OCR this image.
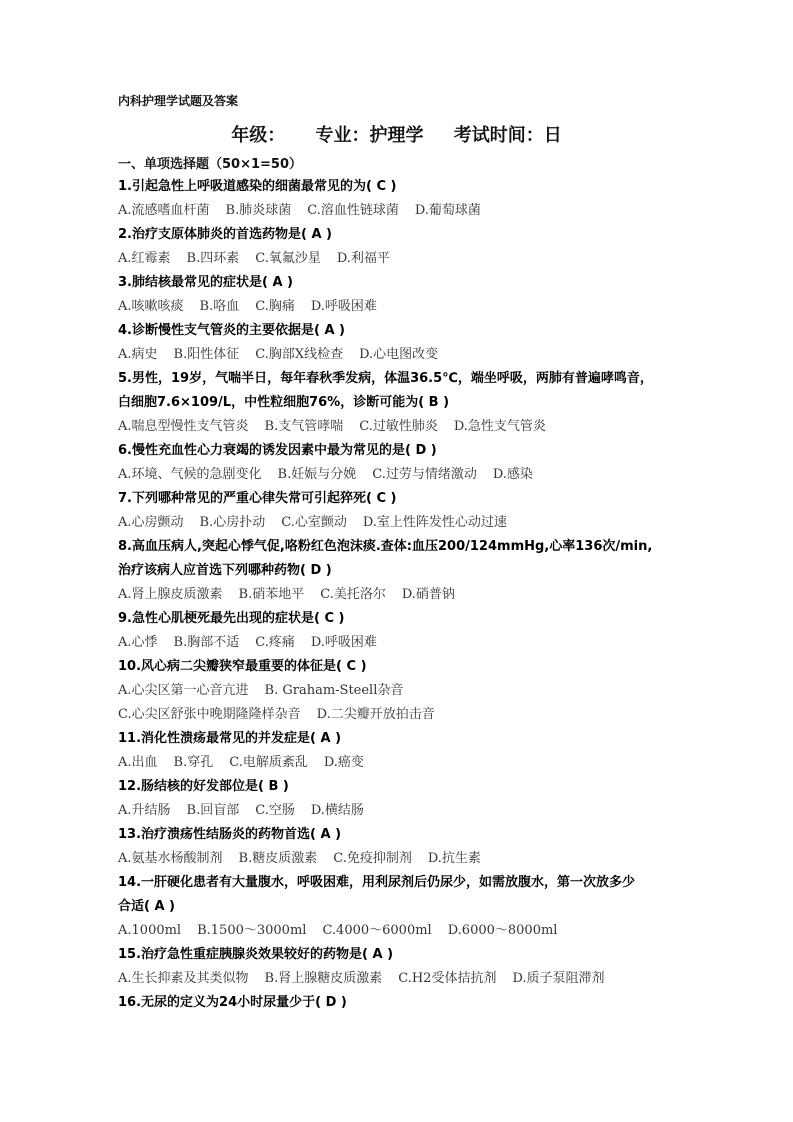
内科护理学试题及答案
年级： 专业：护理学 考试时间：日
一、单项选择题（50×1=50）
1.引起急性上呼吸道感染的细菌最常见的为( C )
A.流感嗜血杆菌 B.肺炎球菌 C.溶血性链球菌 D.葡萄球菌
2.治疗支原体肺炎的首选药物是( A )
A.红霉素 B.四环素 C.氧氟沙星 D.利福平
3.肺结核最常见的症状是( A )
A.咳嗽咳痰 B.咯血 C.胸痛 D.呼吸困难
4.诊断慢性支气管炎的主要依据是( A )
A.病史 B.阳性体征 C.胸部X线检查 D.心电图改变
5.男性，19岁，气喘半日，每年春秋季发病，体温36.5℃，端坐呼吸，两肺有普遍哮鸣音，
白细胞7.6×109/L，中性粒细胞76%，诊断可能为( B )
A.喘息型慢性支气管炎 B.支气管哮喘 C.过敏性肺炎 D.急性支气管炎
6.慢性充血性心力衰竭的诱发因素中最为常见的是( D )
A.环境、气候的急剧变化 B.妊娠与分娩 C.过劳与情绪激动 D.感染
7.下列哪种常见的严重心律失常可引起猝死( C )
A.心房颤动 B.心房扑动 C.心室颤动 D.室上性阵发性心动过速
8.高血压病人,突起心悸气促,咯粉红色泡沫痰.查体:血压200/124mmHg,心率136次/min,
治疗该病人应首选下列哪种药物( D )
A.肾上腺皮质激素 B.硝苯地平 C.美托洛尔 D.硝普钠
9.急性心肌梗死最先出现的症状是( C )
A.心悸 B.胸部不适 C.疼痛 D.呼吸困难
10.风心病二尖瓣狭窄最重要的体征是( C )
A.心尖区第一心音亢进 B. Graham-Steell杂音
C.心尖区舒张中晚期隆隆样杂音 D.二尖瓣开放拍击音
11.消化性溃疡最常见的并发症是( A )
A.出血 B.穿孔 C.电解质紊乱 D.癌变
12.肠结核的好发部位是( B )
A.升结肠 B.回盲部 C.空肠 D.横结肠
13.治疗溃疡性结肠炎的药物首选( A )
A.氨基水杨酸制剂 B.糖皮质激素 C.免疫抑制剂 D.抗生素
14.一肝硬化患者有大量腹水，呼吸困难，用利尿剂后仍尿少，如需放腹水，第一次放多少
合适( A )
A.1000ml B.1500～3000ml C.4000～6000ml D.6000～8000ml
15.治疗急性重症胰腺炎效果较好的药物是( A )
A.生长抑素及其类似物 B.肾上腺糖皮质激素 C.H2受体拮抗剂 D.质子泵阻滞剂
16.无尿的定义为24小时尿量少于( D )
